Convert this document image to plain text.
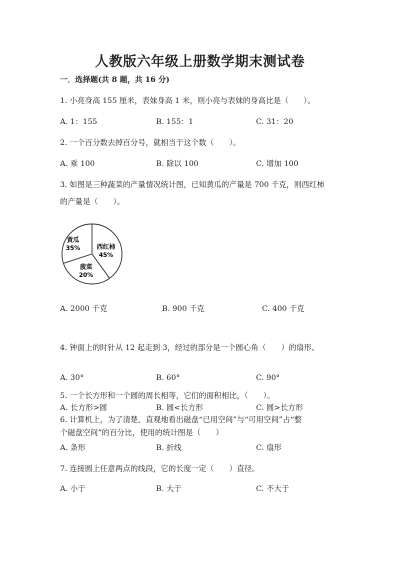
人教版六年级上册数学期末测试卷
一．选择题(共 8 题，共 16 分)
1. 小亮身高 155 厘米，表妹身高 1 米，则小亮与表妹的身高比是（　　）。
A. 1：155	B. 155：1	C. 31：20
2. 一个百分数去掉百分号，就相当于这个数（　　）。
A. 乘 100	B. 除以 100	C. 增加 100
3. 如图是三种蔬菜的产量情况统计图，已知黄瓜的产量是 700 千克，则西红柿
的产量是（　　）。
黄瓜
35%	西红柿
45%
菠菜
20%
A. 2000 千克	B. 900 千克	C. 400 千克
4. 钟面上的时针从 12 起走到 3，经过的部分是一个圆心角（　　）的扇形。
A. 30°	B. 60°	C. 90°
5. 一个长方形和一个圆的周长相等，它们的面积相比，（　　）。
A. 长方形>圆	B. 圆<长方形	C. 圆>长方形
6. 计算机上，为了清楚、直观地看出磁盘“已用空间”与“可用空间”占“整
个磁盘空间”的百分比，使用的统计图是（　　）
A. 条形	B. 折线	C. 扇形
7. 连接圆上任意两点的线段，它的长度一定（　　）直径。
A. 小于	B. 大于	C. 不大于
